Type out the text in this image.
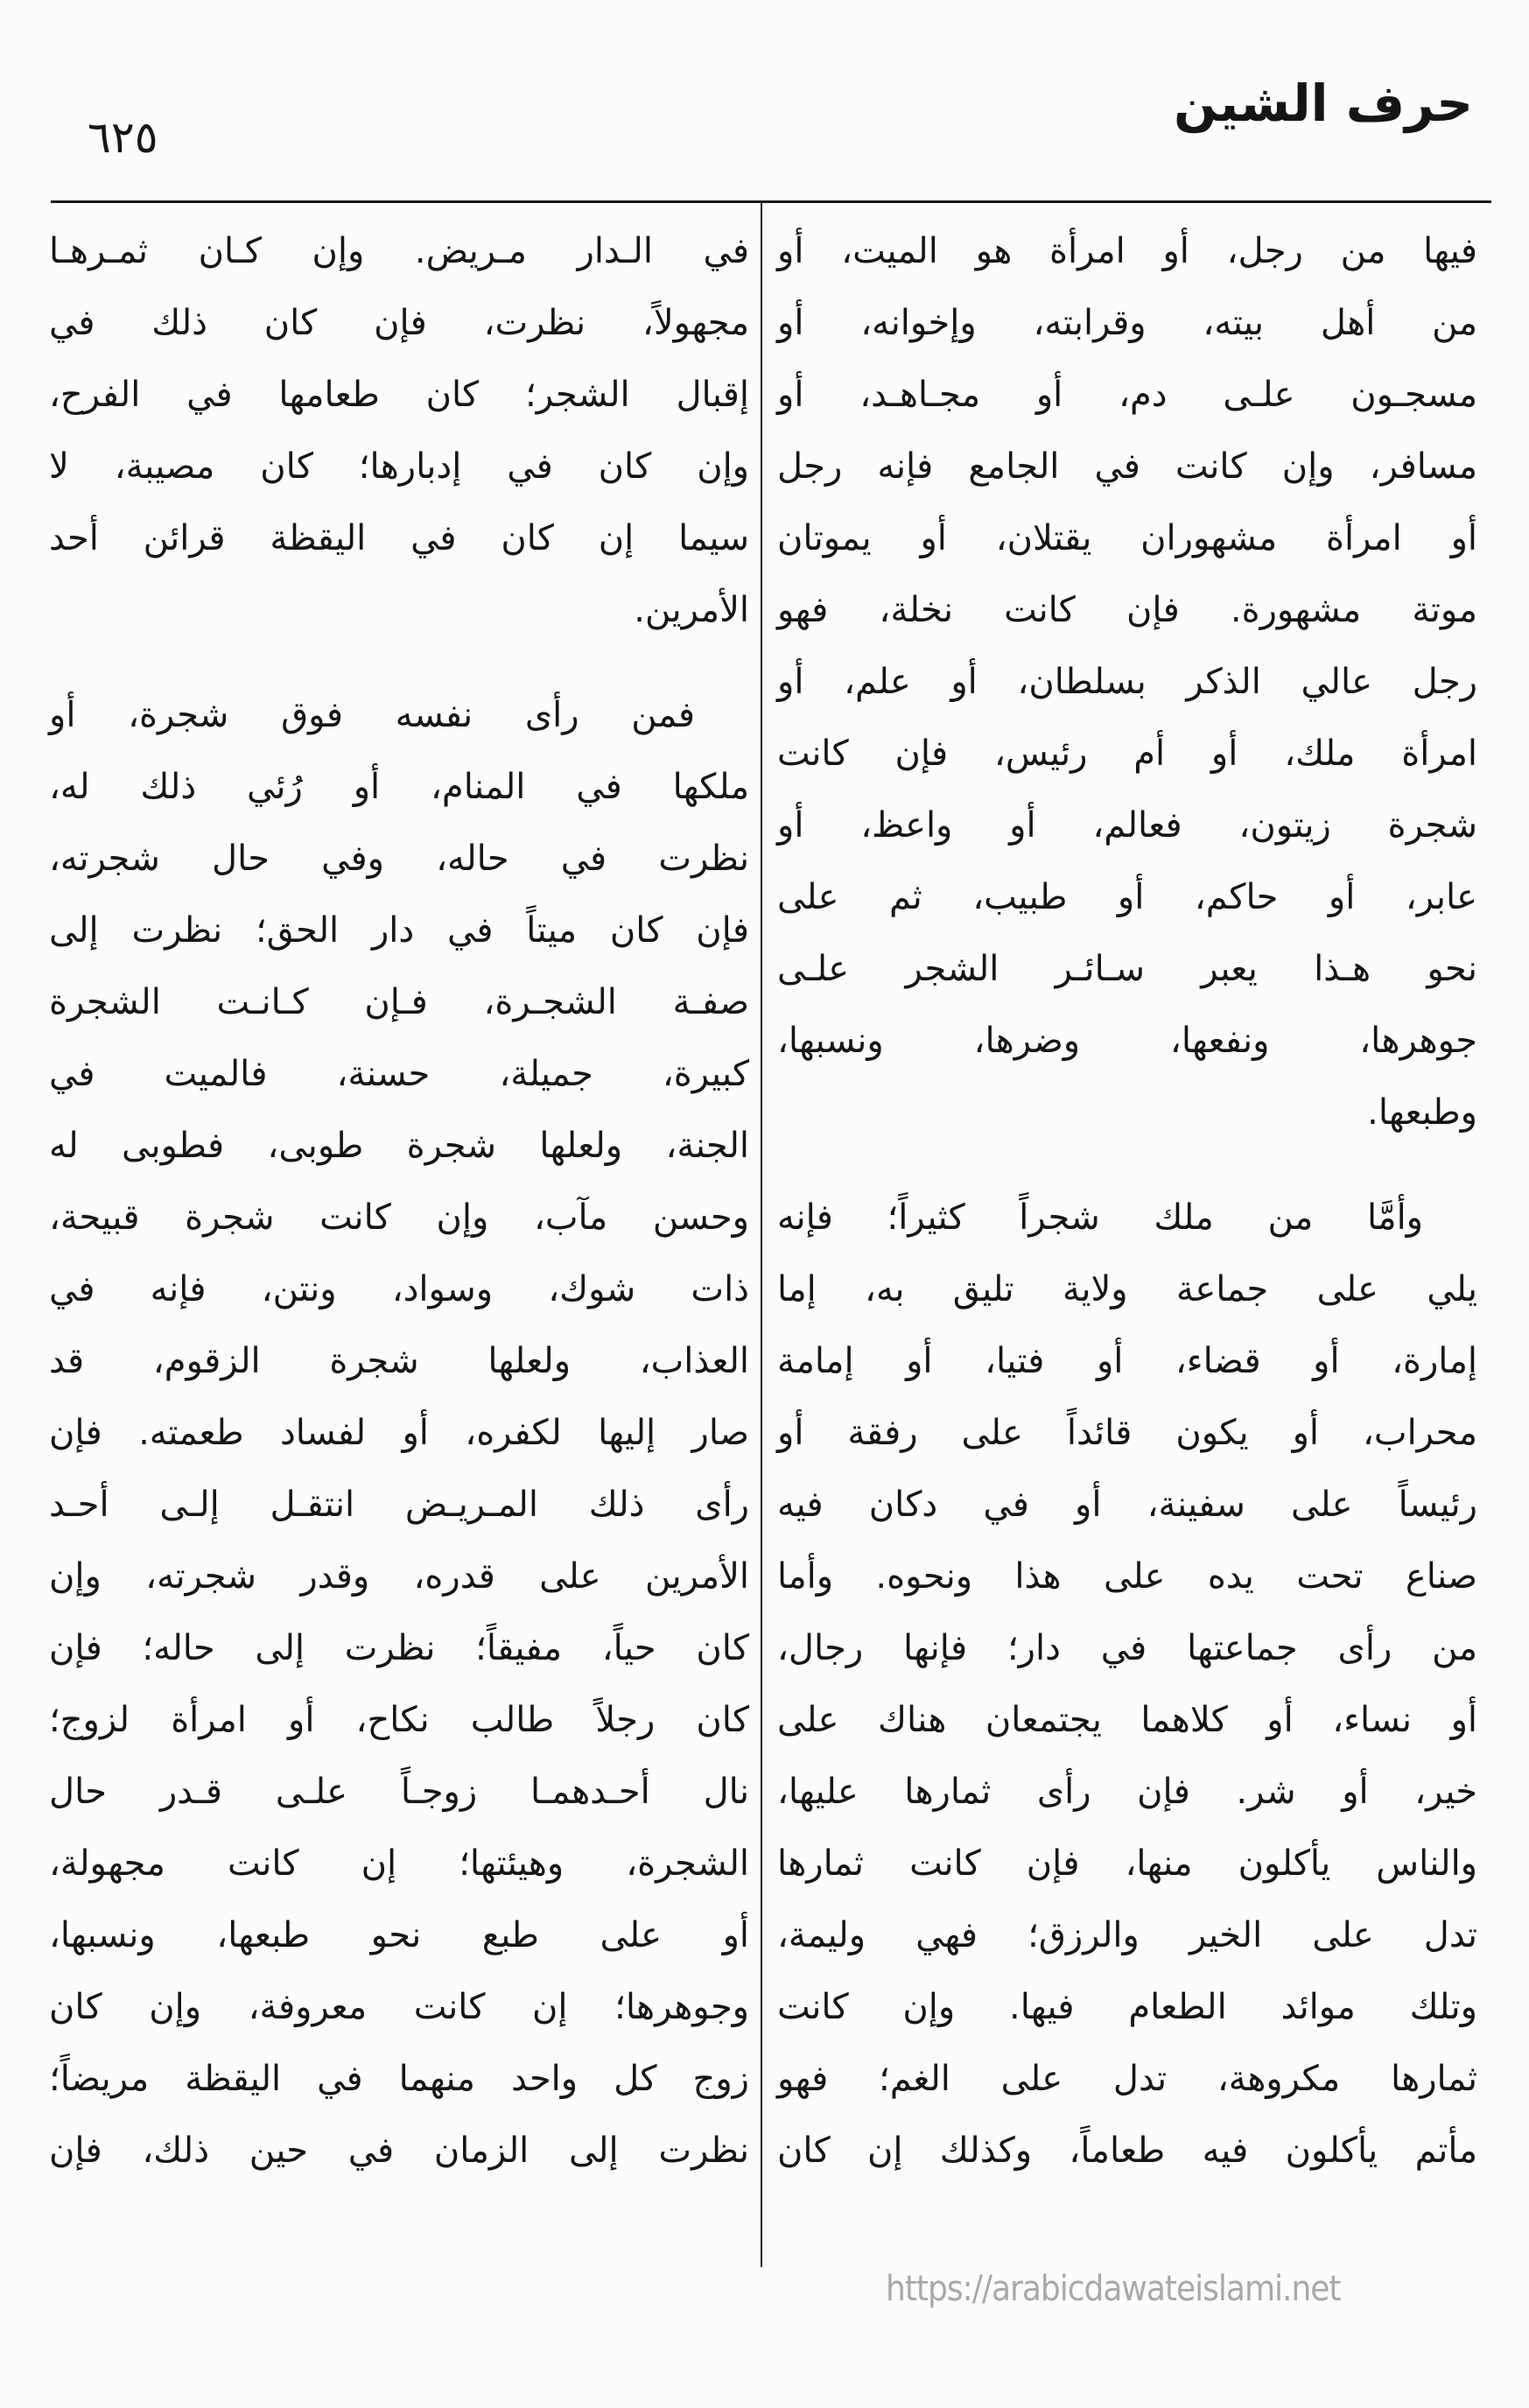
٦٢٥
حرف الشين
فيها من رجل، أو امرأة هو الميت، أو
من أهل بيته، وقرابته، وإخوانه، أو
مسجـون علـى دم، أو مجـاهـد، أو
مسافر، وإن كانت في الجامع فإنه رجل
أو امرأة مشهوران يقتلان، أو يموتان
موتة مشهورة. فإن كانت نخلة، فهو
رجل عالي الذكر بسلطان، أو علم، أو
امرأة ملك، أو أم رئيس، فإن كانت
شجرة زيتون، فعالم، أو واعظ، أو
عابر، أو حاكم، أو طبيب، ثم على
نحو هـذا يعبر سـائـر الشجر علـى
جوهرها، ونفعها، وضرها، ونسبها،
وطبعها.
وأمَّا من ملك شجراً كثيراً؛ فإنه
يلي على جماعة ولاية تليق به، إما
إمارة، أو قضاء، أو فتيا، أو إمامة
محراب، أو يكون قائداً على رفقة أو
رئيساً على سفينة، أو في دكان فيه
صناع تحت يده على هذا ونحوه. وأما
من رأى جماعتها في دار؛ فإنها رجال،
أو نساء، أو كلاهما يجتمعان هناك على
خير، أو شر. فإن رأى ثمارها عليها،
والناس يأكلون منها، فإن كانت ثمارها
تدل على الخير والرزق؛ فهي وليمة،
وتلك موائد الطعام فيها. وإن كانت
ثمارها مكروهة، تدل على الغم؛ فهو
مأتم يأكلون فيه طعاماً، وكذلك إن كان
في الـدار مـريض. وإن كـان ثمـرهـا
مجهولاً، نظرت، فإن كان ذلك في
إقبال الشجر؛ كان طعامها في الفرح،
وإن كان في إدبارها؛ كان مصيبة، لا
سيما إن كان في اليقظة قرائن أحد
الأمرين.
فمن رأى نفسه فوق شجرة، أو
ملكها في المنام، أو رُئي ذلك له،
نظرت في حاله، وفي حال شجرته،
فإن كان ميتاً في دار الحق؛ نظرت إلى
صفـة الشجـرة، فـإن كـانـت الشجرة
كبيرة، جميلة، حسنة، فالميت في
الجنة، ولعلها شجرة طوبى، فطوبى له
وحسن مآب، وإن كانت شجرة قبيحة،
ذات شوك، وسواد، ونتن، فإنه في
العذاب، ولعلها شجرة الزقوم، قد
صار إليها لكفره، أو لفساد طعمته. فإن
رأى ذلك المـريـض انتقـل إلـى أحـد
الأمرين على قدره، وقدر شجرته، وإن
كان حياً، مفيقاً؛ نظرت إلى حاله؛ فإن
كان رجلاً طالب نكاح، أو امرأة لزوج؛
نال أحـدهمـا زوجـاً علـى قـدر حال
الشجرة، وهيئتها؛ إن كانت مجهولة،
أو على طبع نحو طبعها، ونسبها،
وجوهرها؛ إن كانت معروفة، وإن كان
زوج كل واحد منهما في اليقظة مريضاً؛
نظرت إلى الزمان في حين ذلك، فإن
https://arabicdawateislami.net
